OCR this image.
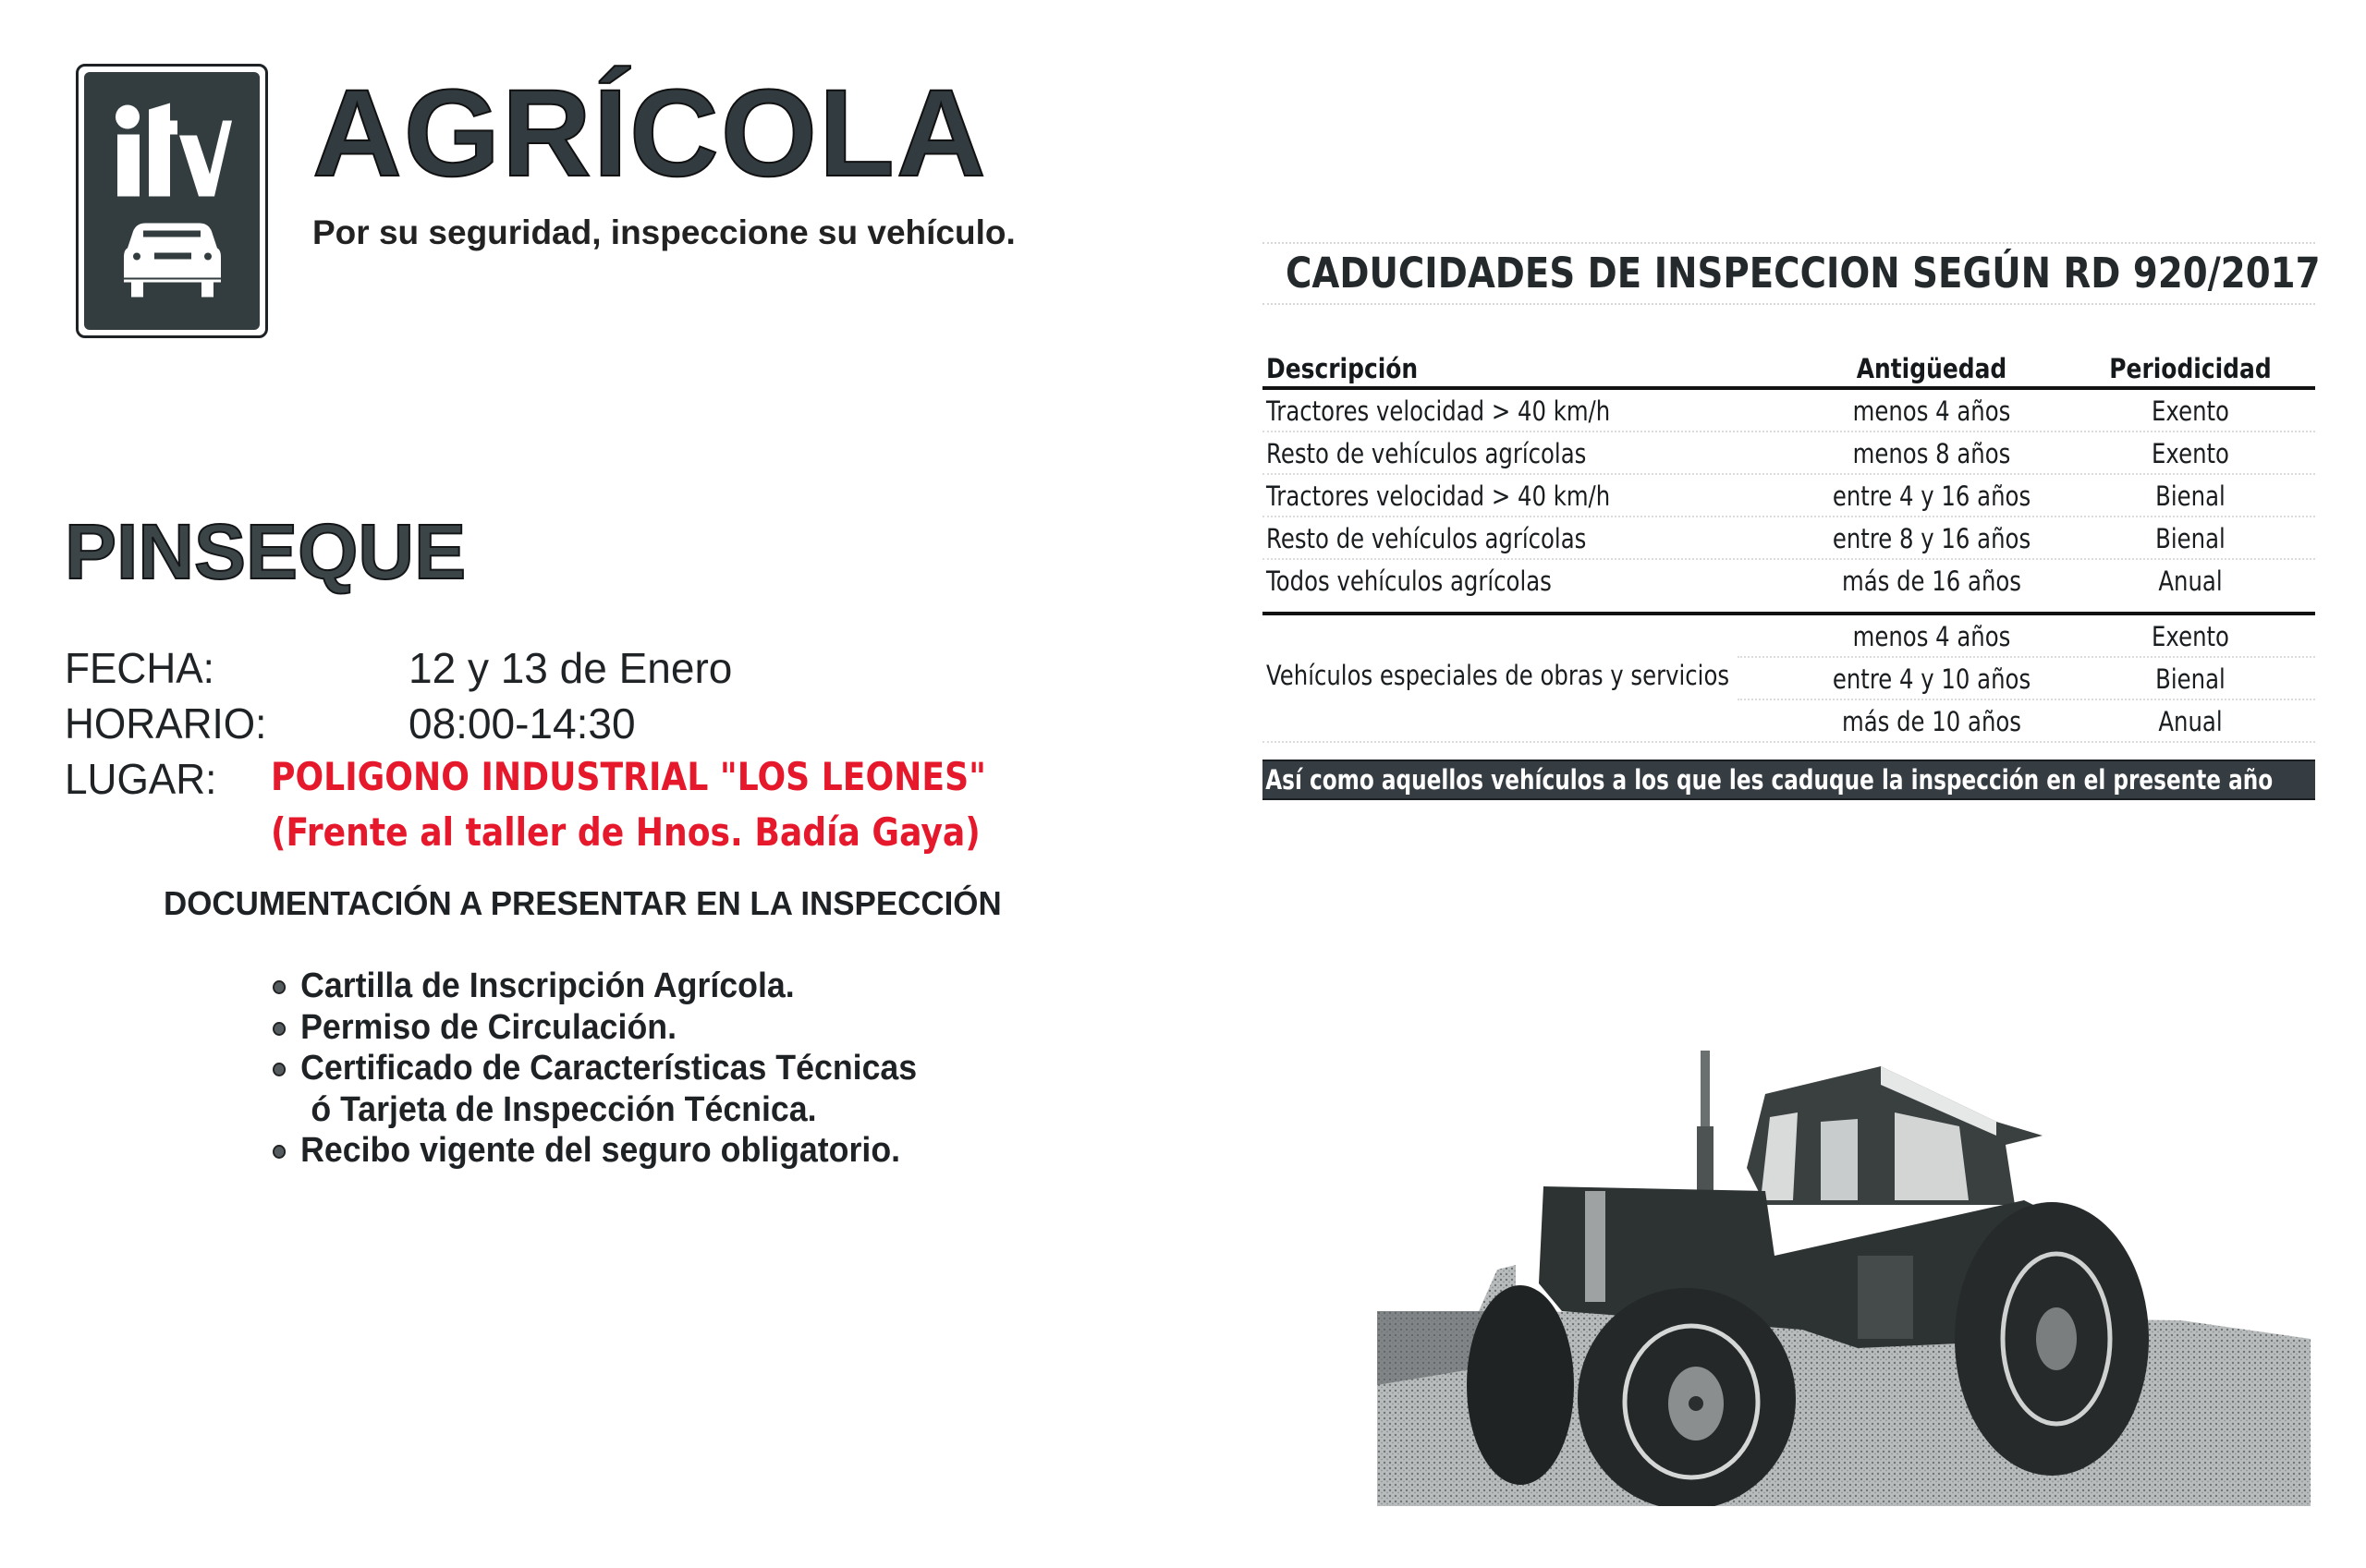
AGRÍCOLA
Por su seguridad, inspeccione su vehículo.
PINSEQUE
FECHA:	12 y 13 de Enero
HORARIO:	08:00-14:30
LUGAR: POLIGONO INDUSTRIAL "LOS LEONES"
(Frente al taller de Hnos. Badía Gaya)
DOCUMENTACIÓN A PRESENTAR EN LA INSPECCIÓN
Cartilla de Inscripción Agrícola.
Permiso de Circulación.
Certificado de Características Técnicas
ó Tarjeta de Inspección Técnica.
Recibo vigente del seguro obligatorio.
CADUCIDADES DE INSPECCION SEGÚN RD 920/2017
Descripción	Antigüedad	Periodicidad
Tractores velocidad > 40 km/h	menos 4 años	Exento
Resto de vehículos agrícolas	menos 8 años	Exento
Tractores velocidad > 40 km/h	entre 4 y 16 años	Bienal
Resto de vehículos agrícolas	entre 8 y 16 años	Bienal
Todos vehículos agrícolas	más de 16 años	Anual
Vehículos especiales de obras y servicios
menos 4 años	Exento
entre 4 y 10 años	Bienal
más de 10 años	Anual
Así como aquellos vehículos a los que les caduque la inspección en el presente año
